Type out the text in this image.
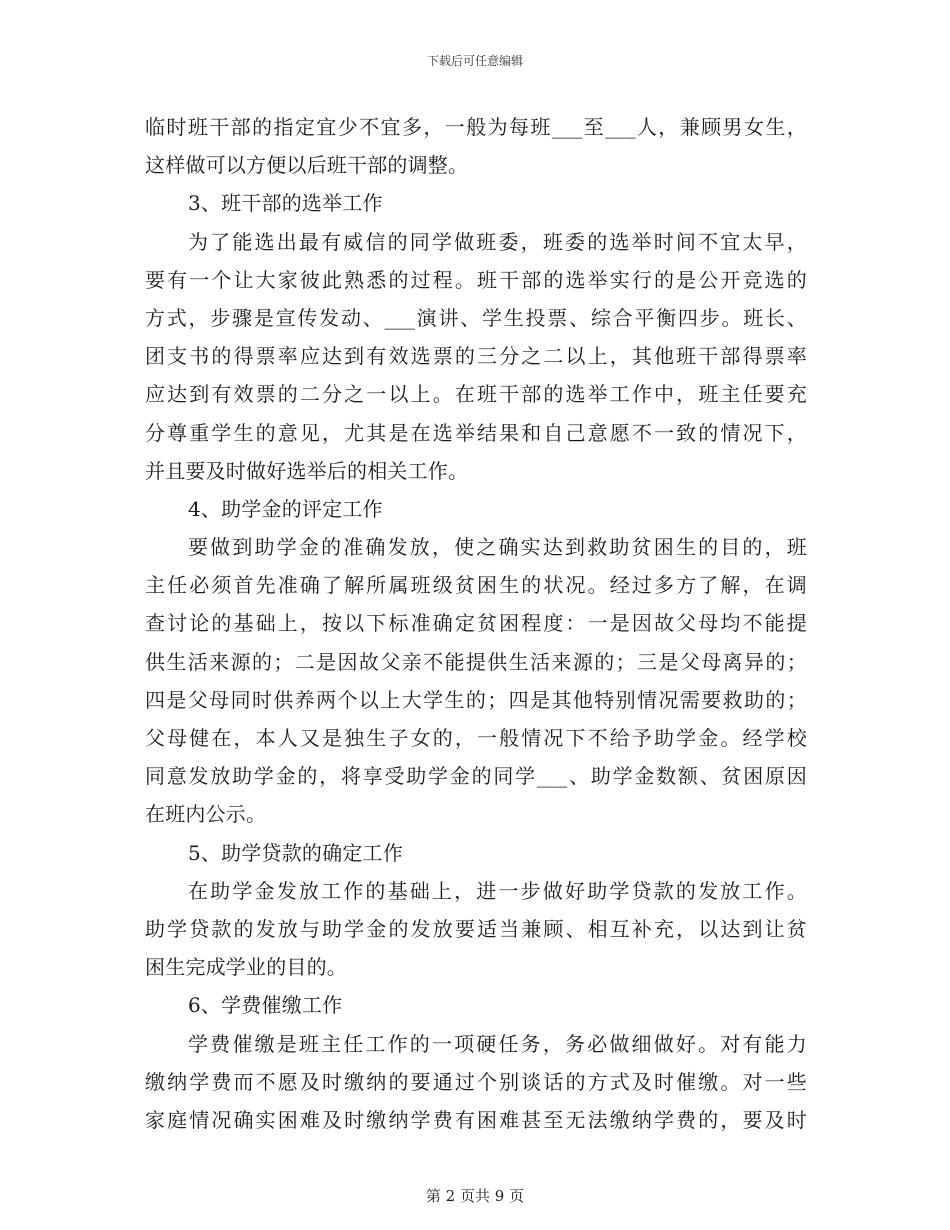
下载后可任意编辑
临时班干部的指定宜少不宜多，一般为每班___至___人，兼顾男女生，
这样做可以方便以后班干部的调整。
3、班干部的选举工作
为了能选出最有威信的同学做班委，班委的选举时间不宜太早，
要有一个让大家彼此熟悉的过程。班干部的选举实行的是公开竞选的
方式，步骤是宣传发动、___演讲、学生投票、综合平衡四步。班长、
团支书的得票率应达到有效选票的三分之二以上，其他班干部得票率
应达到有效票的二分之一以上。在班干部的选举工作中，班主任要充
分尊重学生的意见，尤其是在选举结果和自己意愿不一致的情况下，
并且要及时做好选举后的相关工作。
4、助学金的评定工作
要做到助学金的准确发放，使之确实达到救助贫困生的目的，班
主任必须首先准确了解所属班级贫困生的状况。经过多方了解，在调
查讨论的基础上，按以下标准确定贫困程度：一是因故父母均不能提
供生活来源的；二是因故父亲不能提供生活来源的；三是父母离异的；
四是父母同时供养两个以上大学生的；四是其他特别情况需要救助的；
父母健在，本人又是独生子女的，一般情况下不给予助学金。经学校
同意发放助学金的，将享受助学金的同学___、助学金数额、贫困原因
在班内公示。
5、助学贷款的确定工作
在助学金发放工作的基础上，进一步做好助学贷款的发放工作。
助学贷款的发放与助学金的发放要适当兼顾、相互补充，以达到让贫
困生完成学业的目的。
6、学费催缴工作
学费催缴是班主任工作的一项硬任务，务必做细做好。对有能力
缴纳学费而不愿及时缴纳的要通过个别谈话的方式及时催缴。对一些
家庭情况确实困难及时缴纳学费有困难甚至无法缴纳学费的，要及时
第 2 页共 9 页
